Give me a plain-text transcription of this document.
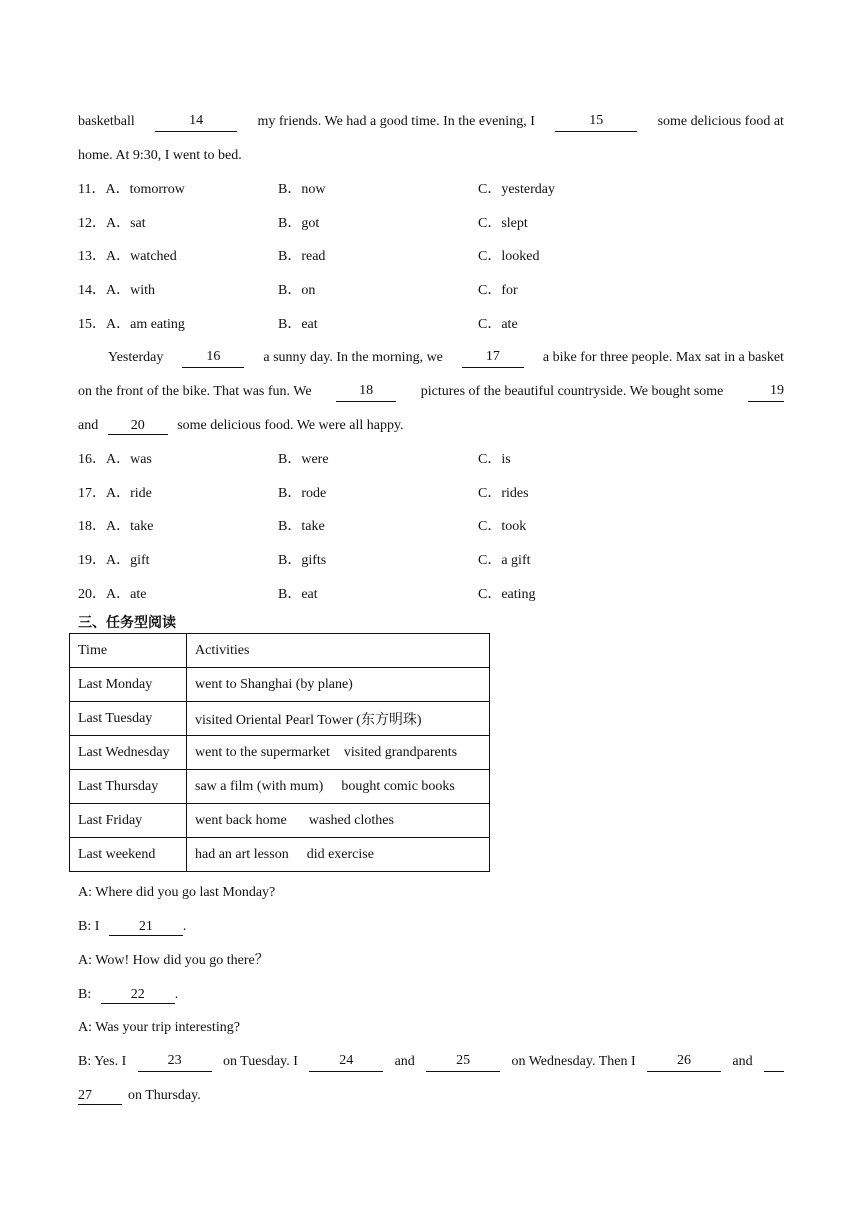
basketball	14	my friends. We had a good time. In the evening, I	15	some delicious food at
home. At 9:30, I went to bed.
11．A．tomorrow	B．now	C．yesterday
12．A．sat	B．got	C．slept
13．A．watched	B．read	C．looked
14．A．with	B．on	C．for
15．A．am eating	B．eat	C．ate
Yesterday	16	a sunny day. In the morning, we	17	a bike for three people. Max sat in a basket
on the front of the bike. That was fun. We	18	pictures of the beautiful countryside. We bought some	19
and 20 some delicious food. We were all happy.
16．A．was	B．were	C．is
17．A．ride	B．rode	C．rides
18．A．take	B．take	C．took
19．A．gift	B．gifts	C．a gift
20．A．ate	B．eat	C．eating
三、任务型阅读
Time	Activities
Last Monday	went to Shanghai (by plane)
Last Tuesday	visited Oriental Pearl Tower (东方明珠)
Last Wednesday	went to the supermarket visited grandparents
Last Thursday	saw a film (with mum) bought comic books
Last Friday	went back home washed clothes
Last weekend	had an art lesson did exercise
A: Where did you go last Monday?
B: I	21 .
A: Wow! How did you go there？
B:	22 .
A: Was your trip interesting?
B: Yes. I	23	on Tuesday. I	24	and	25	on Wednesday. Then I	26	and
27	on Thursday.
